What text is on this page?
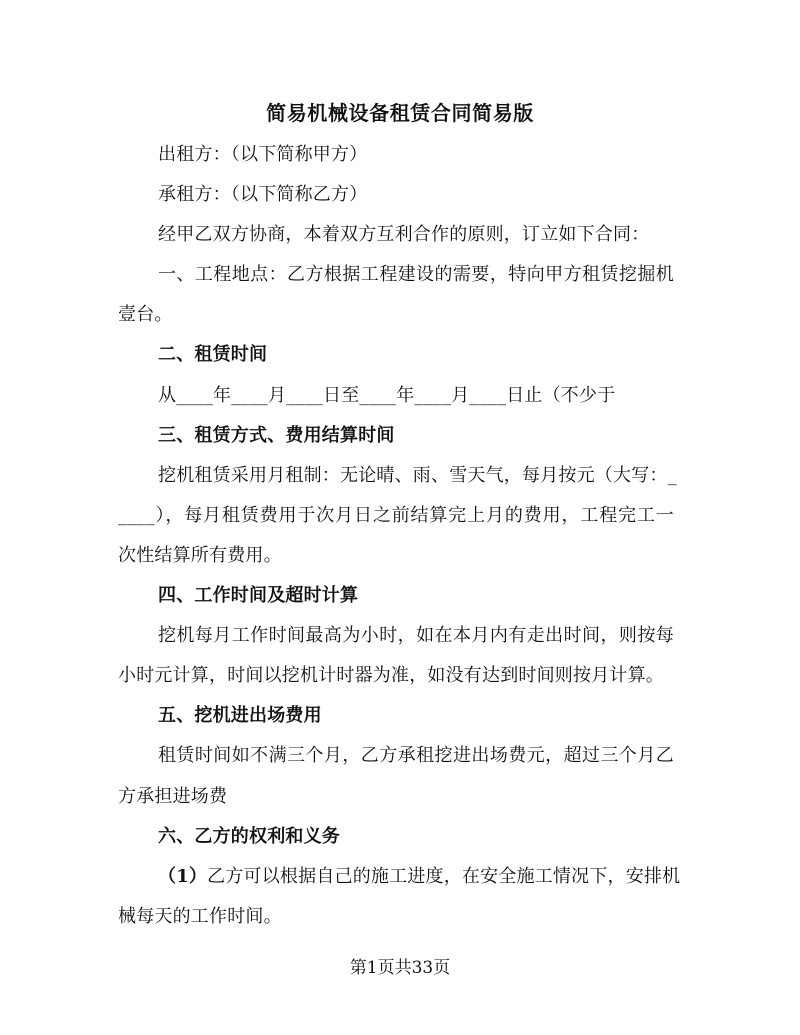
简易机械设备租赁合同简易版
出租方：（以下简称甲方）
承租方：（以下简称乙方）
经甲乙双方协商，本着双方互利合作的原则，订立如下合同：
一、工程地点：乙方根据工程建设的需要，特向甲方租赁挖掘机
壹台。
二、租赁时间
从____年____月____日至____年____月____日止（不少于
三、租赁方式、费用结算时间
挖机租赁采用月租制：无论晴、雨、雪天气，每月按元（大写：_
____），每月租赁费用于次月日之前结算完上月的费用，工程完工一
次性结算所有费用。
四、工作时间及超时计算
挖机每月工作时间最高为小时，如在本月内有走出时间，则按每
小时元计算，时间以挖机计时器为准，如没有达到时间则按月计算。
五、挖机进出场费用
租赁时间如不满三个月，乙方承租挖进出场费元，超过三个月乙
方承担进场费
六、乙方的权利和义务
（1）乙方可以根据自己的施工进度，在安全施工情况下，安排机
械每天的工作时间。
第1页共33页
